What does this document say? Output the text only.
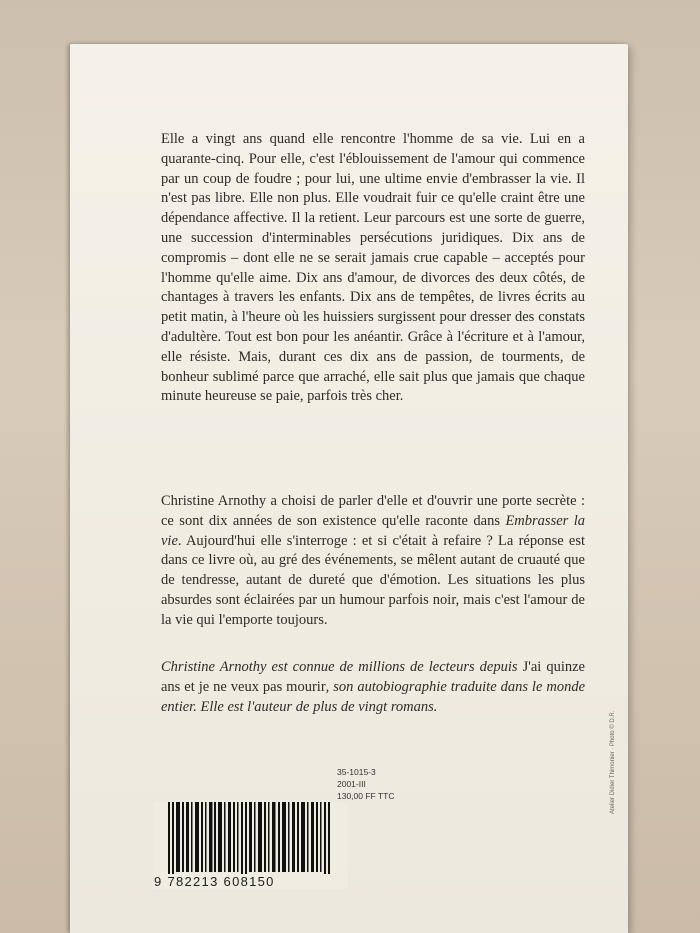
Elle a vingt ans quand elle rencontre l'homme de sa vie. Lui en a quarante-cinq. Pour elle, c'est l'éblouissement de l'amour qui commence par un coup de foudre ; pour lui, une ultime envie d'embrasser la vie. Il n'est pas libre. Elle non plus. Elle voudrait fuir ce qu'elle craint être une dépendance affective. Il la retient. Leur parcours est une sorte de guerre, une succession d'interminables persécutions juridiques. Dix ans de compromis – dont elle ne se serait jamais crue capable – acceptés pour l'homme qu'elle aime. Dix ans d'amour, de divorces des deux côtés, de chantages à travers les enfants. Dix ans de tempêtes, de livres écrits au petit matin, à l'heure où les huissiers surgissent pour dresser des constats d'adultère. Tout est bon pour les anéantir. Grâce à l'écriture et à l'amour, elle résiste. Mais, durant ces dix ans de passion, de tourments, de bonheur sublimé parce que arraché, elle sait plus que jamais que chaque minute heureuse se paie, parfois très cher.

Christine Arnothy a choisi de parler d'elle et d'ouvrir une porte secrète : ce sont dix années de son existence qu'elle raconte dans Embrasser la vie. Aujourd'hui elle s'interroge : et si c'était à refaire ? La réponse est dans ce livre où, au gré des événements, se mêlent autant de cruauté que de tendresse, autant de dureté que d'émotion. Les situations les plus absurdes sont éclairées par un humour parfois noir, mais c'est l'amour de la vie qui l'emporte toujours.

Christine Arnothy est connue de millions de lecteurs depuis J'ai quinze ans et je ne veux pas mourir, son autobiographie traduite dans le monde entier. Elle est l'auteur de plus de vingt romans.

9 782213 608150
35-1015-3
2001-III
130,00 FF TTC	Atelier Didier Thimonier · Photo © D.R.
